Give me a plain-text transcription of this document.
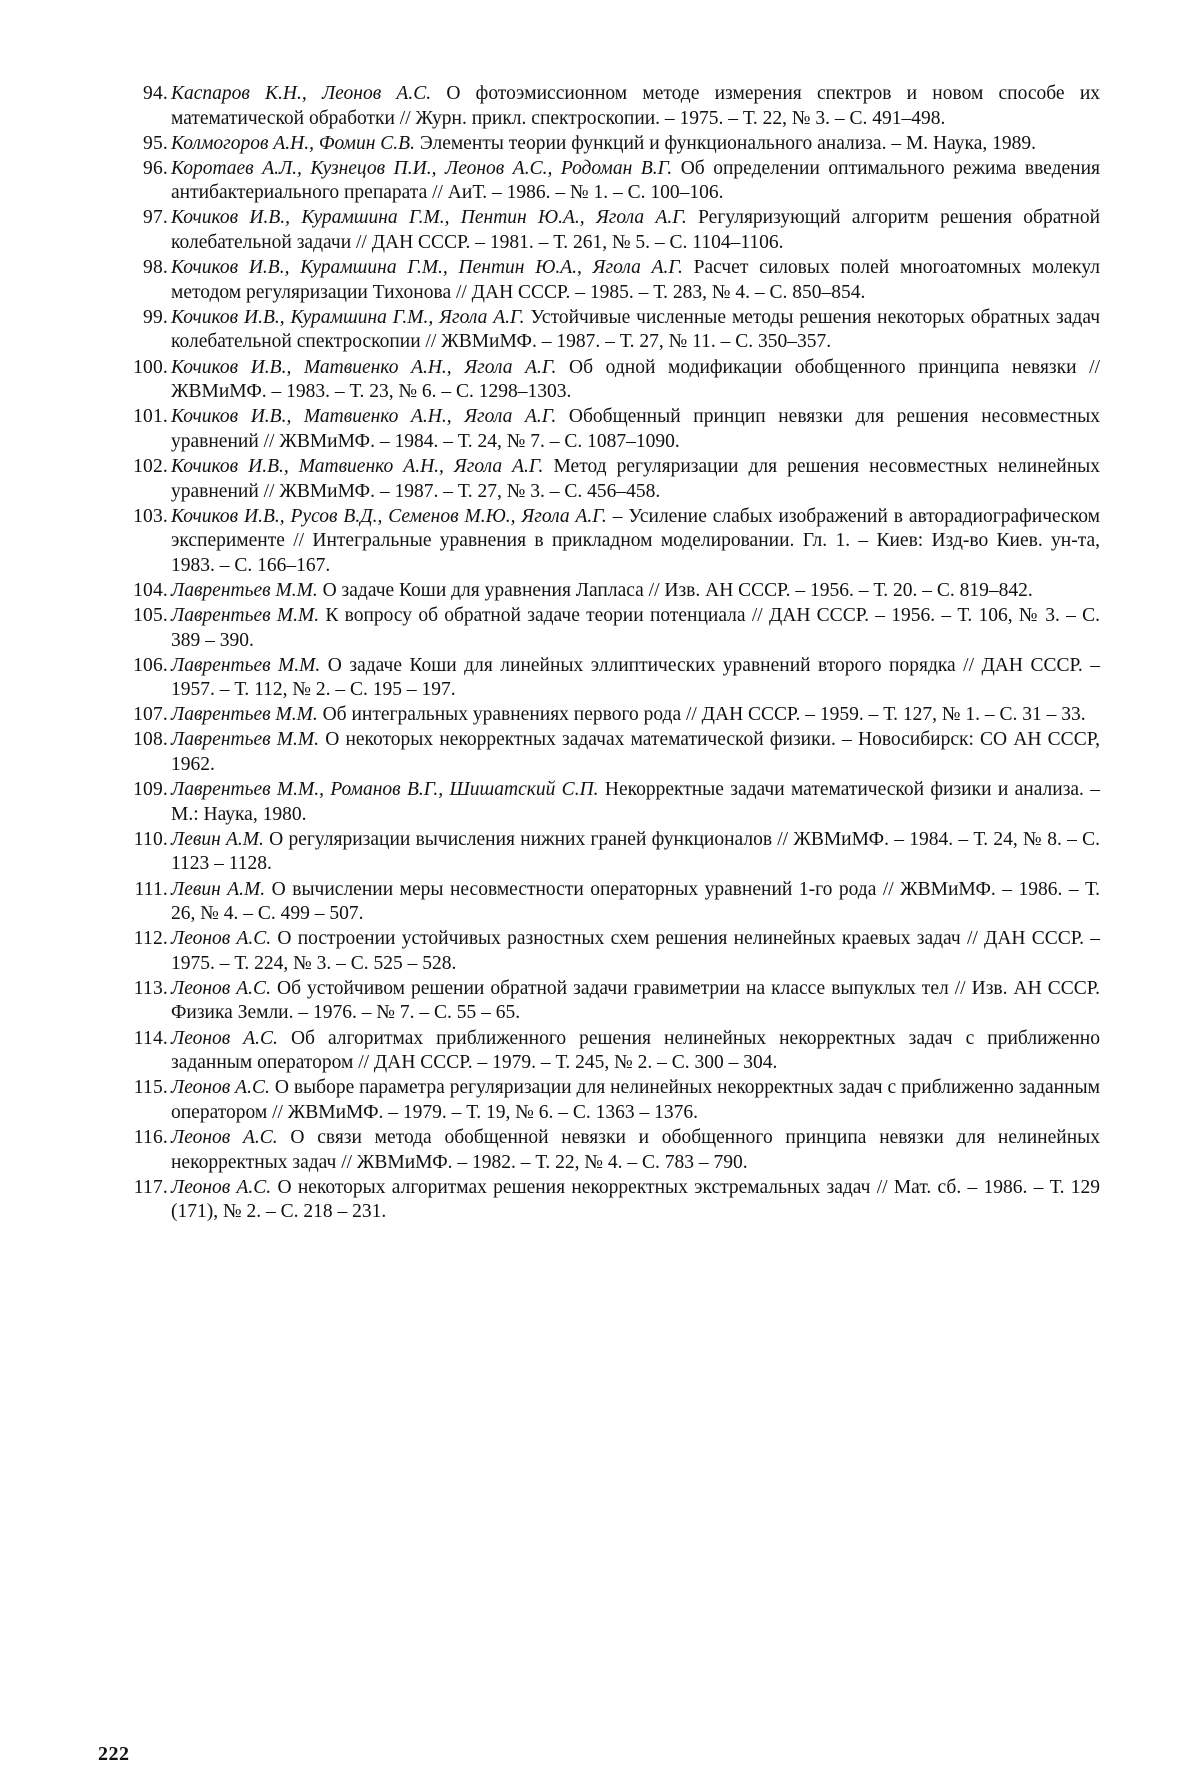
94. Каспаров К.Н., Леонов А.С. О фотоэмиссионном методе измерения спектров и новом способе их математической обработки // Журн. прикл. спектроскопии. – 1975. – Т. 22, № 3. – С. 491–498.
95. Колмогоров А.Н., Фомин С.В. Элементы теории функций и функционального анализа. – М. Наука, 1989.
96. Коротаев А.Л., Кузнецов П.И., Леонов А.С., Родоман В.Г. Об определении оптимального режима введения антибактериального препарата // АиТ. – 1986. – № 1. – С. 100–106.
97. Кочиков И.В., Курамшина Г.М., Пентин Ю.А., Ягола А.Г. Регуляризующий алгоритм решения обратной колебательной задачи // ДАН СССР. – 1981. – Т. 261, № 5. – С. 1104–1106.
98. Кочиков И.В., Курамшина Г.М., Пентин Ю.А., Ягола А.Г. Расчет силовых полей многоатомных молекул методом регуляризации Тихонова // ДАН СССР. – 1985. – Т. 283, № 4. – С. 850–854.
99. Кочиков И.В., Курамшина Г.М., Ягола А.Г. Устойчивые численные методы решения некоторых обратных задач колебательной спектроскопии // ЖВМиМФ. – 1987. – Т. 27, № 11. – С. 350–357.
100. Кочиков И.В., Матвиенко А.Н., Ягола А.Г. Об одной модификации обобщенного принципа невязки // ЖВМиМФ. – 1983. – Т. 23, № 6. – С. 1298–1303.
101. Кочиков И.В., Матвиенко А.Н., Ягола А.Г. Обобщенный принцип невязки для решения несовместных уравнений // ЖВМиМФ. – 1984. – Т. 24, № 7. – С. 1087–1090.
102. Кочиков И.В., Матвиенко А.Н., Ягола А.Г. Метод регуляризации для решения несовместных нелинейных уравнений // ЖВМиМФ. – 1987. – Т. 27, № 3. – С. 456–458.
103. Кочиков И.В., Русов В.Д., Семенов М.Ю., Ягола А.Г. – Усиление слабых изображений в авторадиографическом эксперименте // Интегральные уравнения в прикладном моделировании. Гл. 1. – Киев: Изд-во Киев. ун-та, 1983. – С. 166–167.
104. Лаврентьев М.М. О задаче Коши для уравнения Лапласа // Изв. АН СССР. – 1956. – Т. 20. – С. 819–842.
105. Лаврентьев М.М. К вопросу об обратной задаче теории потенциала // ДАН СССР. – 1956. – Т. 106, № 3. – С. 389 – 390.
106. Лаврентьев М.М. О задаче Коши для линейных эллиптических уравнений второго порядка // ДАН СССР. – 1957. – Т. 112, № 2. – С. 195 – 197.
107. Лаврентьев М.М. Об интегральных уравнениях первого рода // ДАН СССР. – 1959. – Т. 127, № 1. – С. 31 – 33.
108. Лаврентьев М.М. О некоторых некорректных задачах математической физики. – Новосибирск: СО АН СССР, 1962.
109. Лаврентьев М.М., Романов В.Г., Шишатский С.П. Некорректные задачи математической физики и анализа. – М.: Наука, 1980.
110. Левин А.М. О регуляризации вычисления нижних граней функционалов // ЖВМиМФ. – 1984. – Т. 24, № 8. – С. 1123 – 1128.
111. Левин А.М. О вычислении меры несовместности операторных уравнений 1-го рода // ЖВМиМФ. – 1986. – Т. 26, № 4. – С. 499 – 507.
112. Леонов А.С. О построении устойчивых разностных схем решения нелинейных краевых задач // ДАН СССР. – 1975. – Т. 224, № 3. – С. 525 – 528.
113. Леонов А.С. Об устойчивом решении обратной задачи гравиметрии на классе выпуклых тел // Изв. АН СССР. Физика Земли. – 1976. – № 7. – С. 55 – 65.
114. Леонов А.С. Об алгоритмах приближенного решения нелинейных некорректных задач с приближенно заданным оператором // ДАН СССР. – 1979. – Т. 245, № 2. – С. 300 – 304.
115. Леонов А.С. О выборе параметра регуляризации для нелинейных некорректных задач с приближенно заданным оператором // ЖВМиМФ. – 1979. – Т. 19, № 6. – С. 1363 – 1376.
116. Леонов А.С. О связи метода обобщенной невязки и обобщенного принципа невязки для нелинейных некорректных задач // ЖВМиМФ. – 1982. – Т. 22, № 4. – С. 783 – 790.
117. Леонов А.С. О некоторых алгоритмах решения некорректных экстремальных задач // Мат. сб. – 1986. – Т. 129 (171), № 2. – С. 218 – 231.
222
